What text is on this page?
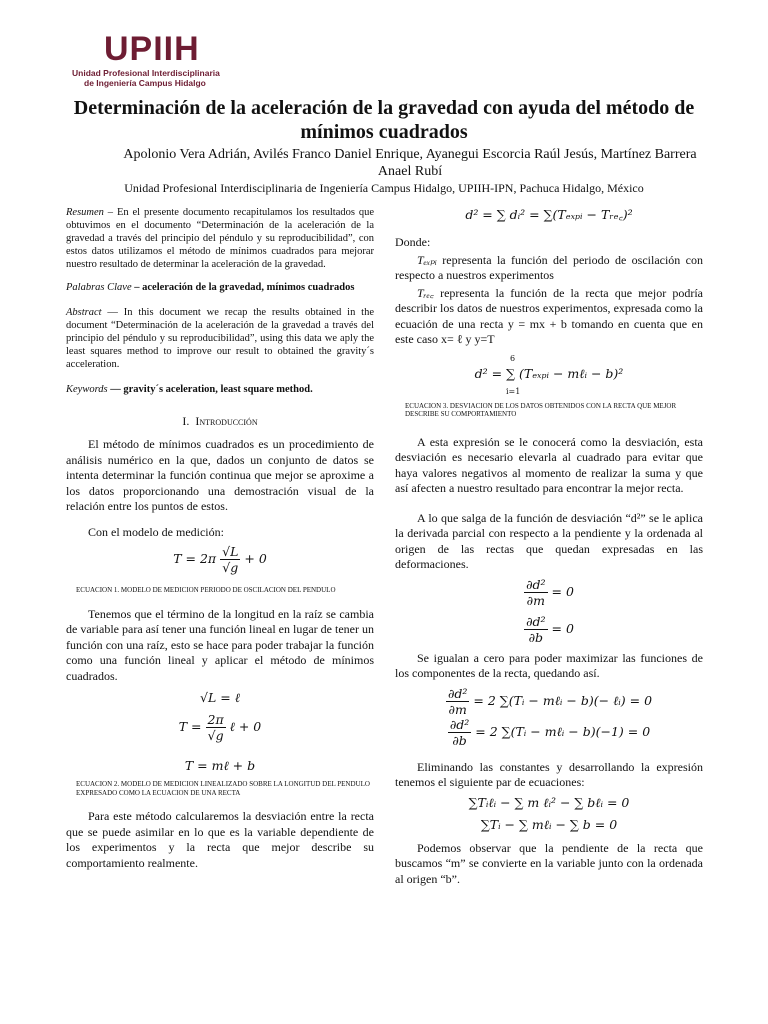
UPIIH
Unidad Profesional Interdisciplinaria
de Ingeniería Campus Hidalgo
Determinación de la aceleración de la gravedad con ayuda del método de mínimos cuadrados
Apolonio Vera Adrián, Avilés Franco Daniel Enrique, Ayanegui Escorcia Raúl Jesús, Martínez Barrera Anael Rubí
Unidad Profesional Interdisciplinaria de Ingeniería Campus Hidalgo, UPIIH-IPN, Pachuca Hidalgo, México

Resumen – En el presente documento recapitulamos los resultados que obtuvimos en el documento “Determinación de la aceleración de la gravedad a través del principio del péndulo y su reproducibilidad”, con estos datos utilizamos el método de mínimos cuadrados para mejorar nuestro resultado de determinar la aceleración de la gravedad.

Palabras Clave – aceleración de la gravedad, mínimos cuadrados

Abstract — In this document we recap the results obtained in the document “Determinación de la aceleración de la gravedad a través del principio del péndulo y su reproducibilidad”, using this data we aply the least squares method to improve our result to obtained the gravity´s acceleration.

Keywords — gravity´s aceleration, least square method.

I. Introducción

El método de mínimos cuadrados es un procedimiento de análisis numérico en la que, dados un conjunto de datos se intenta determinar la función continua que mejor se aproxime a los datos proporcionando una demostración visual de la relación entre los puntos de estos.

Con el modelo de medición:

$T = 2\pi \frac{√L}{√g} + 0$

ECUACION 1. MODELO DE MEDICION PERIODO DE OSCILACION DEL PENDULO

Tenemos que el término de la longitud en la raíz se cambia de variable para así tener una función lineal en lugar de tener un función con una raíz, esto se hace para poder trabajar la función como una función lineal y aplicar el método de mínimos cuadrados.

√L = ℓ
$T = \frac{2\pi}{√g}$ ℓ + 0
T = mℓ + b

ECUACION 2. MODELO DE MEDICION LINEALIZADO SOBRE LA LONGITUD DEL PENDULO EXPRESADO COMO LA ECUACION DE UNA RECTA

Para este método calcularemos la desviación entre la recta que se puede asimilar en lo que es la variable dependiente de los experimentos y la recta que mejor describe su comportamiento realmente.

d² = ∑ dᵢ² = ∑(Tₑₓₚᵢ − Tᵣₑ꜀)²

Donde:

Tₑₓₚᵢ representa la función del periodo de oscilación con respecto a nuestros experimentos

Tᵣₑ꜀ representa la función de la recta que mejor podría describir los datos de nuestros experimentos, expresada como la ecuación de una recta y = mx + b tomando en cuenta que en este caso x= ℓ y y=T

6
d² = ∑ (Tₑₓₚᵢ − mℓᵢ − b)²
i=1

ECUACION 3. DESVIACION DE LOS DATOS OBTENIDOS CON LA RECTA QUE MEJOR DESCRIBE SU COMPORTAMIENTO

A esta expresión se le conocerá como la desviación, esta desviación es necesario elevarla al cuadrado para evitar que haya valores negativos al momento de realizar la suma y que así afecten a nuestro resultado para encontrar la mejor recta.

A lo que salga de la función de desviación “d²” se le aplica la derivada parcial con respecto a la pendiente y la ordenada al origen de las rectas que quedan expresadas en las deformaciones.

$\frac{\text{∂d²}}{\partial m} = 0$
$\frac{\text{∂d²}}{\partial b} = 0$

Se igualan a cero para poder maximizar las funciones de los componentes de la recta, quedando así.

$\frac{\text{∂d²}}{\partial m} = 2$ ∑(Tᵢ − mℓᵢ − b)(− ℓᵢ) = 0
$\frac{\text{∂d²}}{\partial b} = 2$ ∑(Tᵢ − mℓᵢ − b)(−1) = 0

Eliminando las constantes y desarrollando la expresión tenemos el siguiente par de ecuaciones:

∑Tᵢℓᵢ − ∑ m ℓᵢ² − ∑ bℓᵢ = 0
∑Tᵢ − ∑ mℓᵢ − ∑ b = 0

Podemos observar que la pendiente de la recta que buscamos “m” se convierte en la variable junto con la ordenada al origen “b”.
